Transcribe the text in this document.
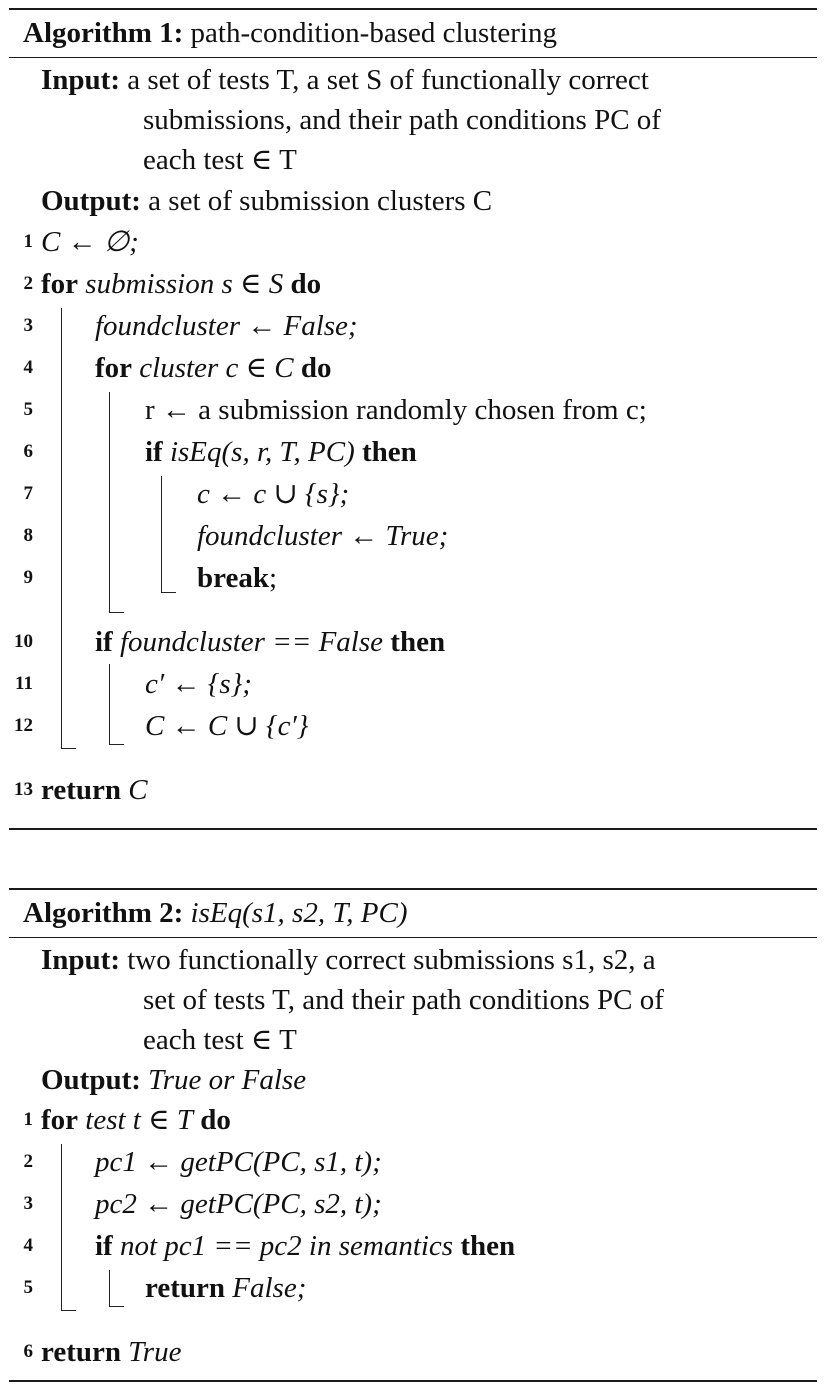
Algorithm 1: path-condition-based clustering
Input: a set of tests T, a set S of functionally correct
submissions, and their path conditions PC of
each test ∈ T
Output: a set of submission clusters C
1 C ← ∅;
2 for submission s ∈ S do
3 foundcluster ← False;
4 for cluster c ∈ C do
5	r ← a submission randomly chosen from c;
6	if isEq(s, r, T, PC) then
7	c ← c ∪ {s};
8	foundcluster ← True;
9	break;
10 if foundcluster == False then
11	c′ ← {s};
12	C ← C ∪ {c′}
13 return C
Algorithm 2: isEq(s1, s2, T, PC)
Input: two functionally correct submissions s1, s2, a
set of tests T, and their path conditions PC of
each test ∈ T
Output: True or False
1 for test t ∈ T do
2 pc1 ← getPC(PC, s1, t);
3 pc2 ← getPC(PC, s2, t);
4 if not pc1 == pc2 in semantics then
5	return False;
6 return True
